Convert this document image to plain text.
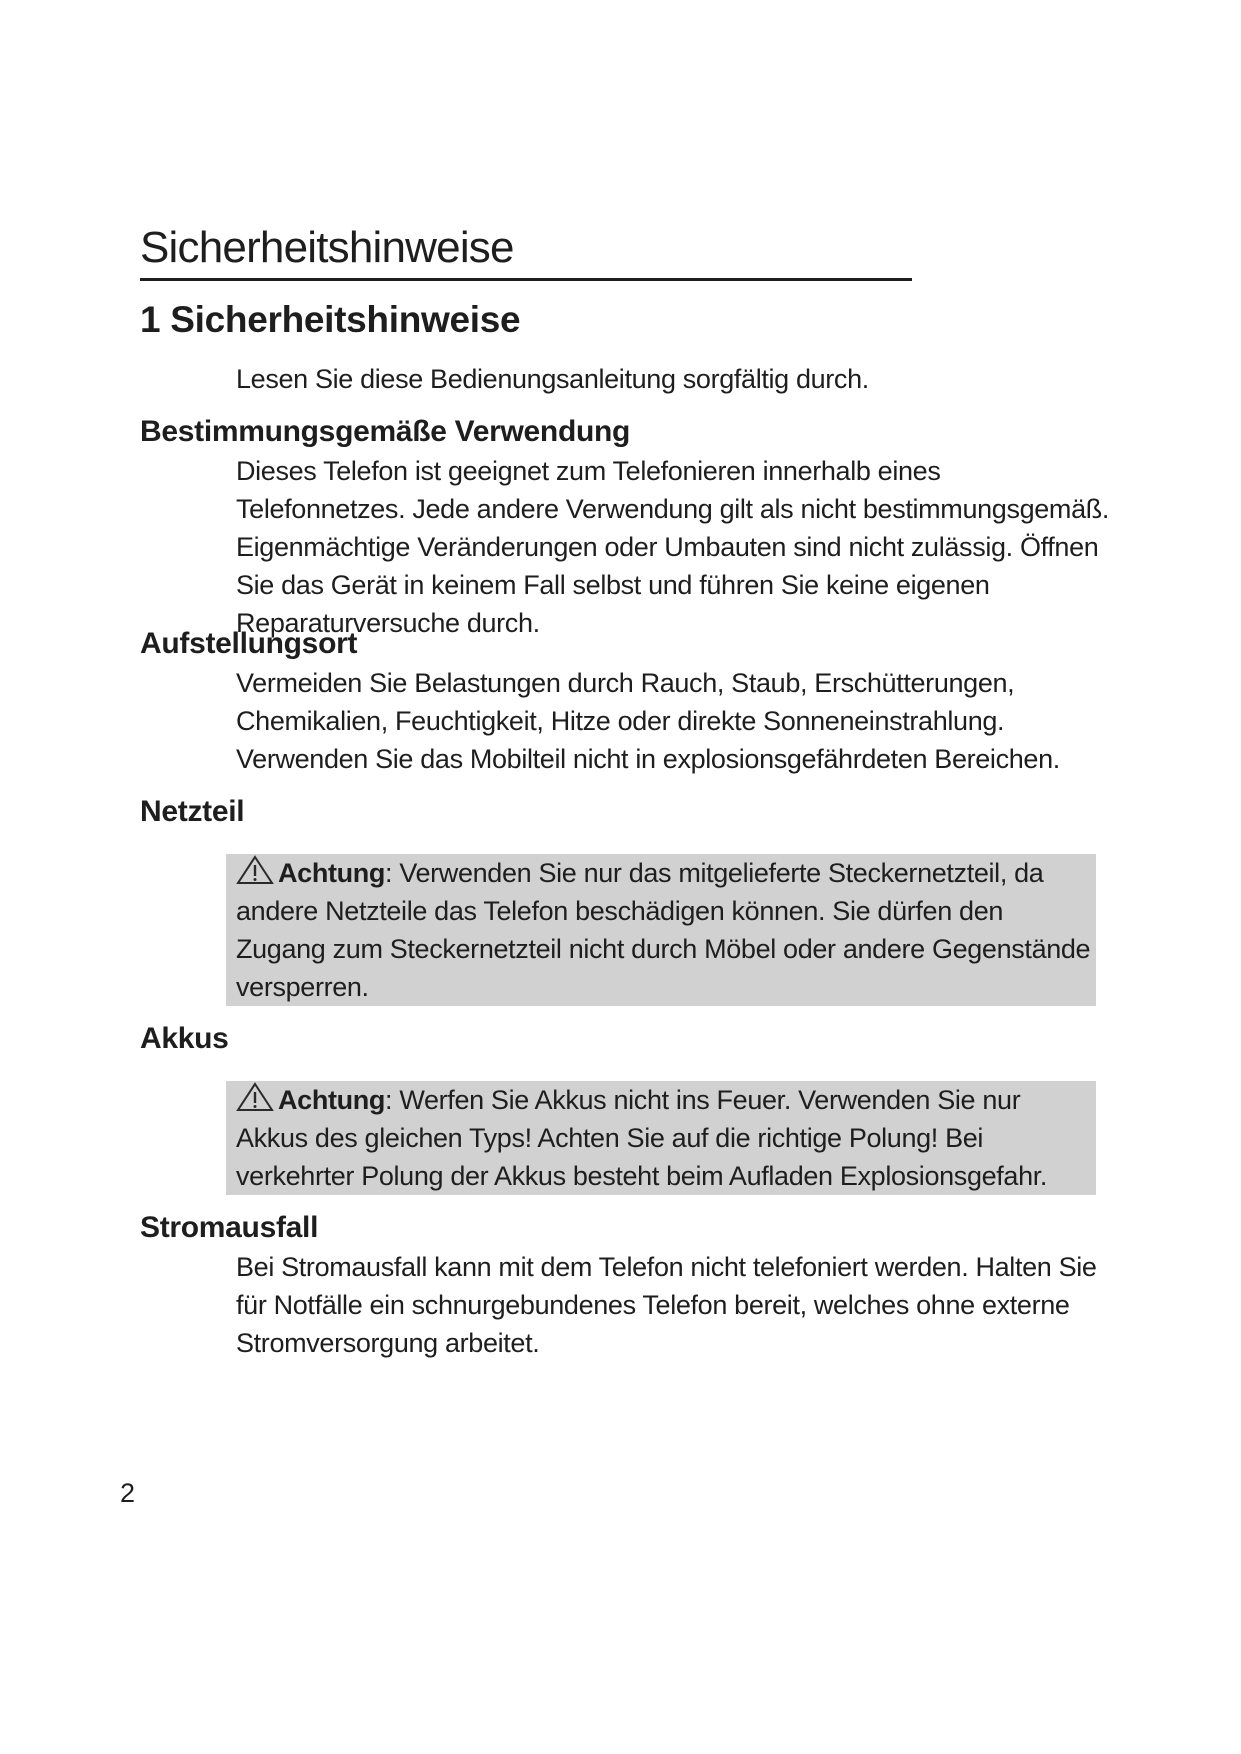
Sicherheitshinweise
1 Sicherheitshinweise

Lesen Sie diese Bedienungsanleitung sorgfältig durch.

Bestimmungsgemäße Verwendung

Dieses Telefon ist geeignet zum Telefonieren innerhalb eines Telefonnetzes. Jede andere Verwendung gilt als nicht bestimmungsgemäß. Eigenmächtige Veränderungen oder Umbauten sind nicht zulässig. Öffnen Sie das Gerät in keinem Fall selbst und führen Sie keine eigenen Reparaturversuche durch.

Aufstellungsort

Vermeiden Sie Belastungen durch Rauch, Staub, Erschütterungen, Chemikalien, Feuchtigkeit, Hitze oder direkte Sonneneinstrahlung.

Verwenden Sie das Mobilteil nicht in explosionsgefährdeten Bereichen.

Netzteil
Achtung: Verwenden Sie nur das mitgelieferte Steckernetzteil, da andere Netzteile das Telefon beschädigen können. Sie dürfen den Zugang zum Steckernetzteil nicht durch Möbel oder andere Gegenstände versperren.
Akkus
Achtung: Werfen Sie Akkus nicht ins Feuer. Verwenden Sie nur Akkus des gleichen Typs! Achten Sie auf die richtige Polung! Bei verkehrter Polung der Akkus besteht beim Aufladen Explosionsgefahr.
Stromausfall

Bei Stromausfall kann mit dem Telefon nicht telefoniert werden. Halten Sie für Notfälle ein schnurgebundenes Telefon bereit, welches ohne externe Stromversorgung arbeitet.

2
